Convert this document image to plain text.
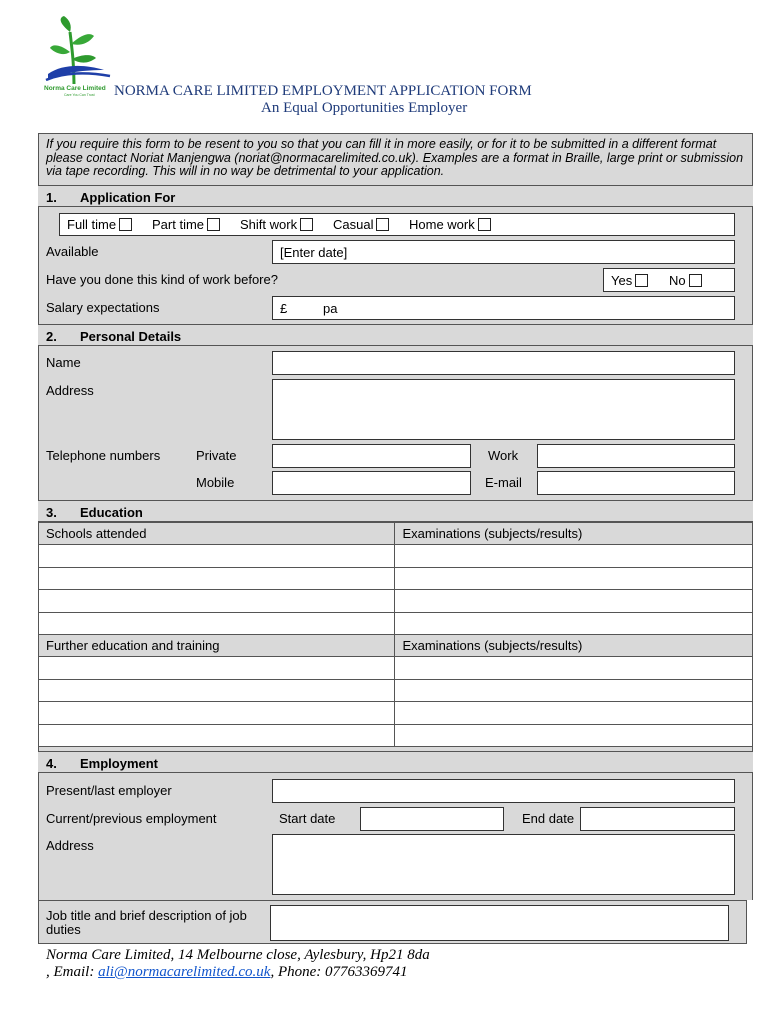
Norma Care Limited
Care You Can Trust NORMA CARE LIMITED EMPLOYMENT APPLICATION FORM
An Equal Opportunities Employer
If you require this form to be resent to you so that you can fill it in more easily, or for it to be submitted in a different format please contact Noriat Manjengwa (noriat@normacarelimited.co.uk). Examples are a format in Braille, large print or submission via tape recording. This will in no way be detrimental to your application.
1. Application For
Full time	Part time	Shift work	Casual	Home work
Available	[Enter date]
Have you done this kind of work before?	Yes	No
Salary expectations	£	pa
2. Personal Details
Name
Address
Telephone numbers	Private	Work
Mobile	E-mail
3. Education
Schools attended	Examinations (subjects/results)

Further education and training	Examinations (subjects/results)

4. Employment
Present/last employer
Current/previous employment	Start date	End date
Address
Job title and brief description of job duties
Norma Care Limited, 14 Melbourne close, Aylesbury, Hp21 8da
, Email: ali@normacarelimited.co.uk, Phone: 07763369741
